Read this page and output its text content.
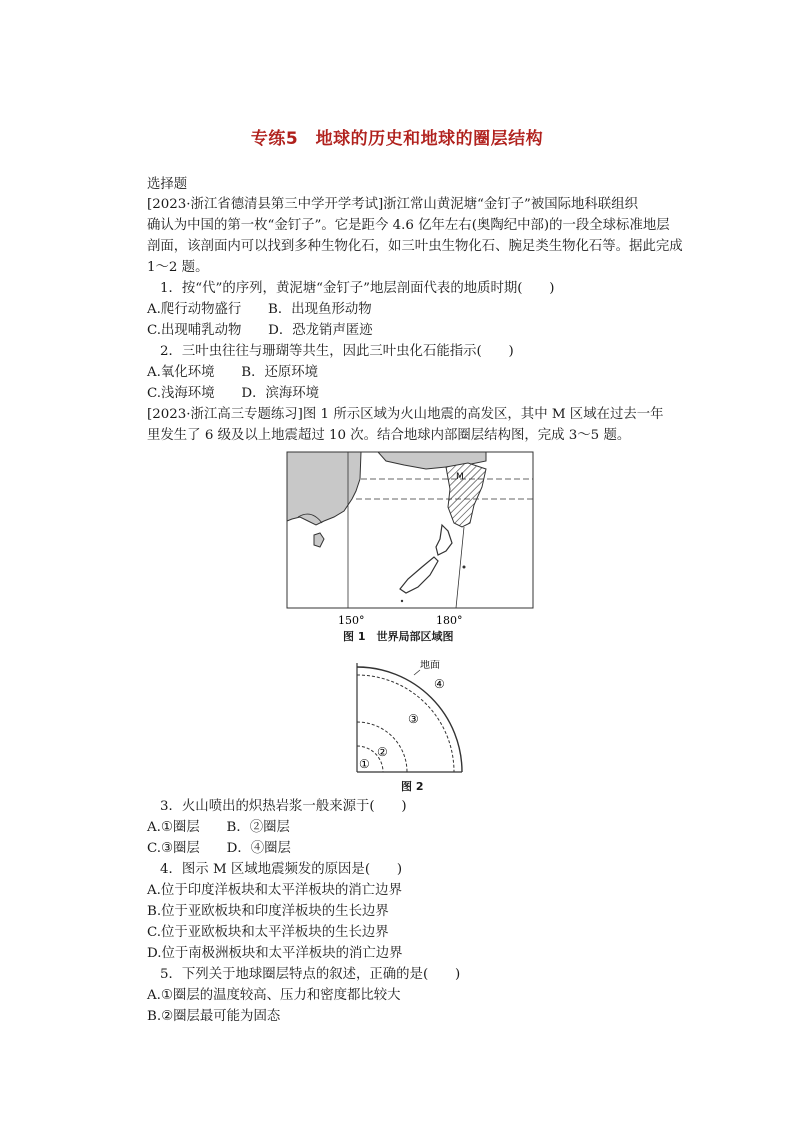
专练5　地球的历史和地球的圈层结构
选择题
[2023·浙江省德清县第三中学开学考试]浙江常山黄泥塘“金钉子”被国际地科联组织
确认为中国的第一枚“金钉子”。它是距今 4.6 亿年左右(奥陶纪中部)的一段全球标准地层
剖面，该剖面内可以找到多种生物化石，如三叶虫生物化石、腕足类生物化石等。据此完成
1～2 题。
1．按“代”的序列，黄泥塘“金钉子”地层剖面代表的地质时期(　　)
A.爬行动物盛行　　B．出现鱼形动物
C.出现哺乳动物　　D．恐龙销声匿迹
2．三叶虫往往与珊瑚等共生，因此三叶虫化石能指示(　　)
A.氧化环境　　B．还原环境
C.浅海环境　　D．滨海环境
[2023·浙江高三专题练习]图 1 所示区域为火山地震的高发区，其中 M 区域在过去一年
里发生了 6 级及以上地震超过 10 次。结合地球内部圈层结构图，完成 3～5 题。
M
150°	180°
图 1　世界局部区域图
地面
④
③
②
①
图 2
3．火山喷出的炽热岩浆一般来源于(　　)
A.①圈层　　B．②圈层
C.③圈层　　D．④圈层
4．图示 M 区域地震频发的原因是(　　)
A.位于印度洋板块和太平洋板块的消亡边界
B.位于亚欧板块和印度洋板块的生长边界
C.位于亚欧板块和太平洋板块的生长边界
D.位于南极洲板块和太平洋板块的消亡边界
5．下列关于地球圈层特点的叙述，正确的是(　　)
A.①圈层的温度较高、压力和密度都比较大
B.②圈层最可能为固态
